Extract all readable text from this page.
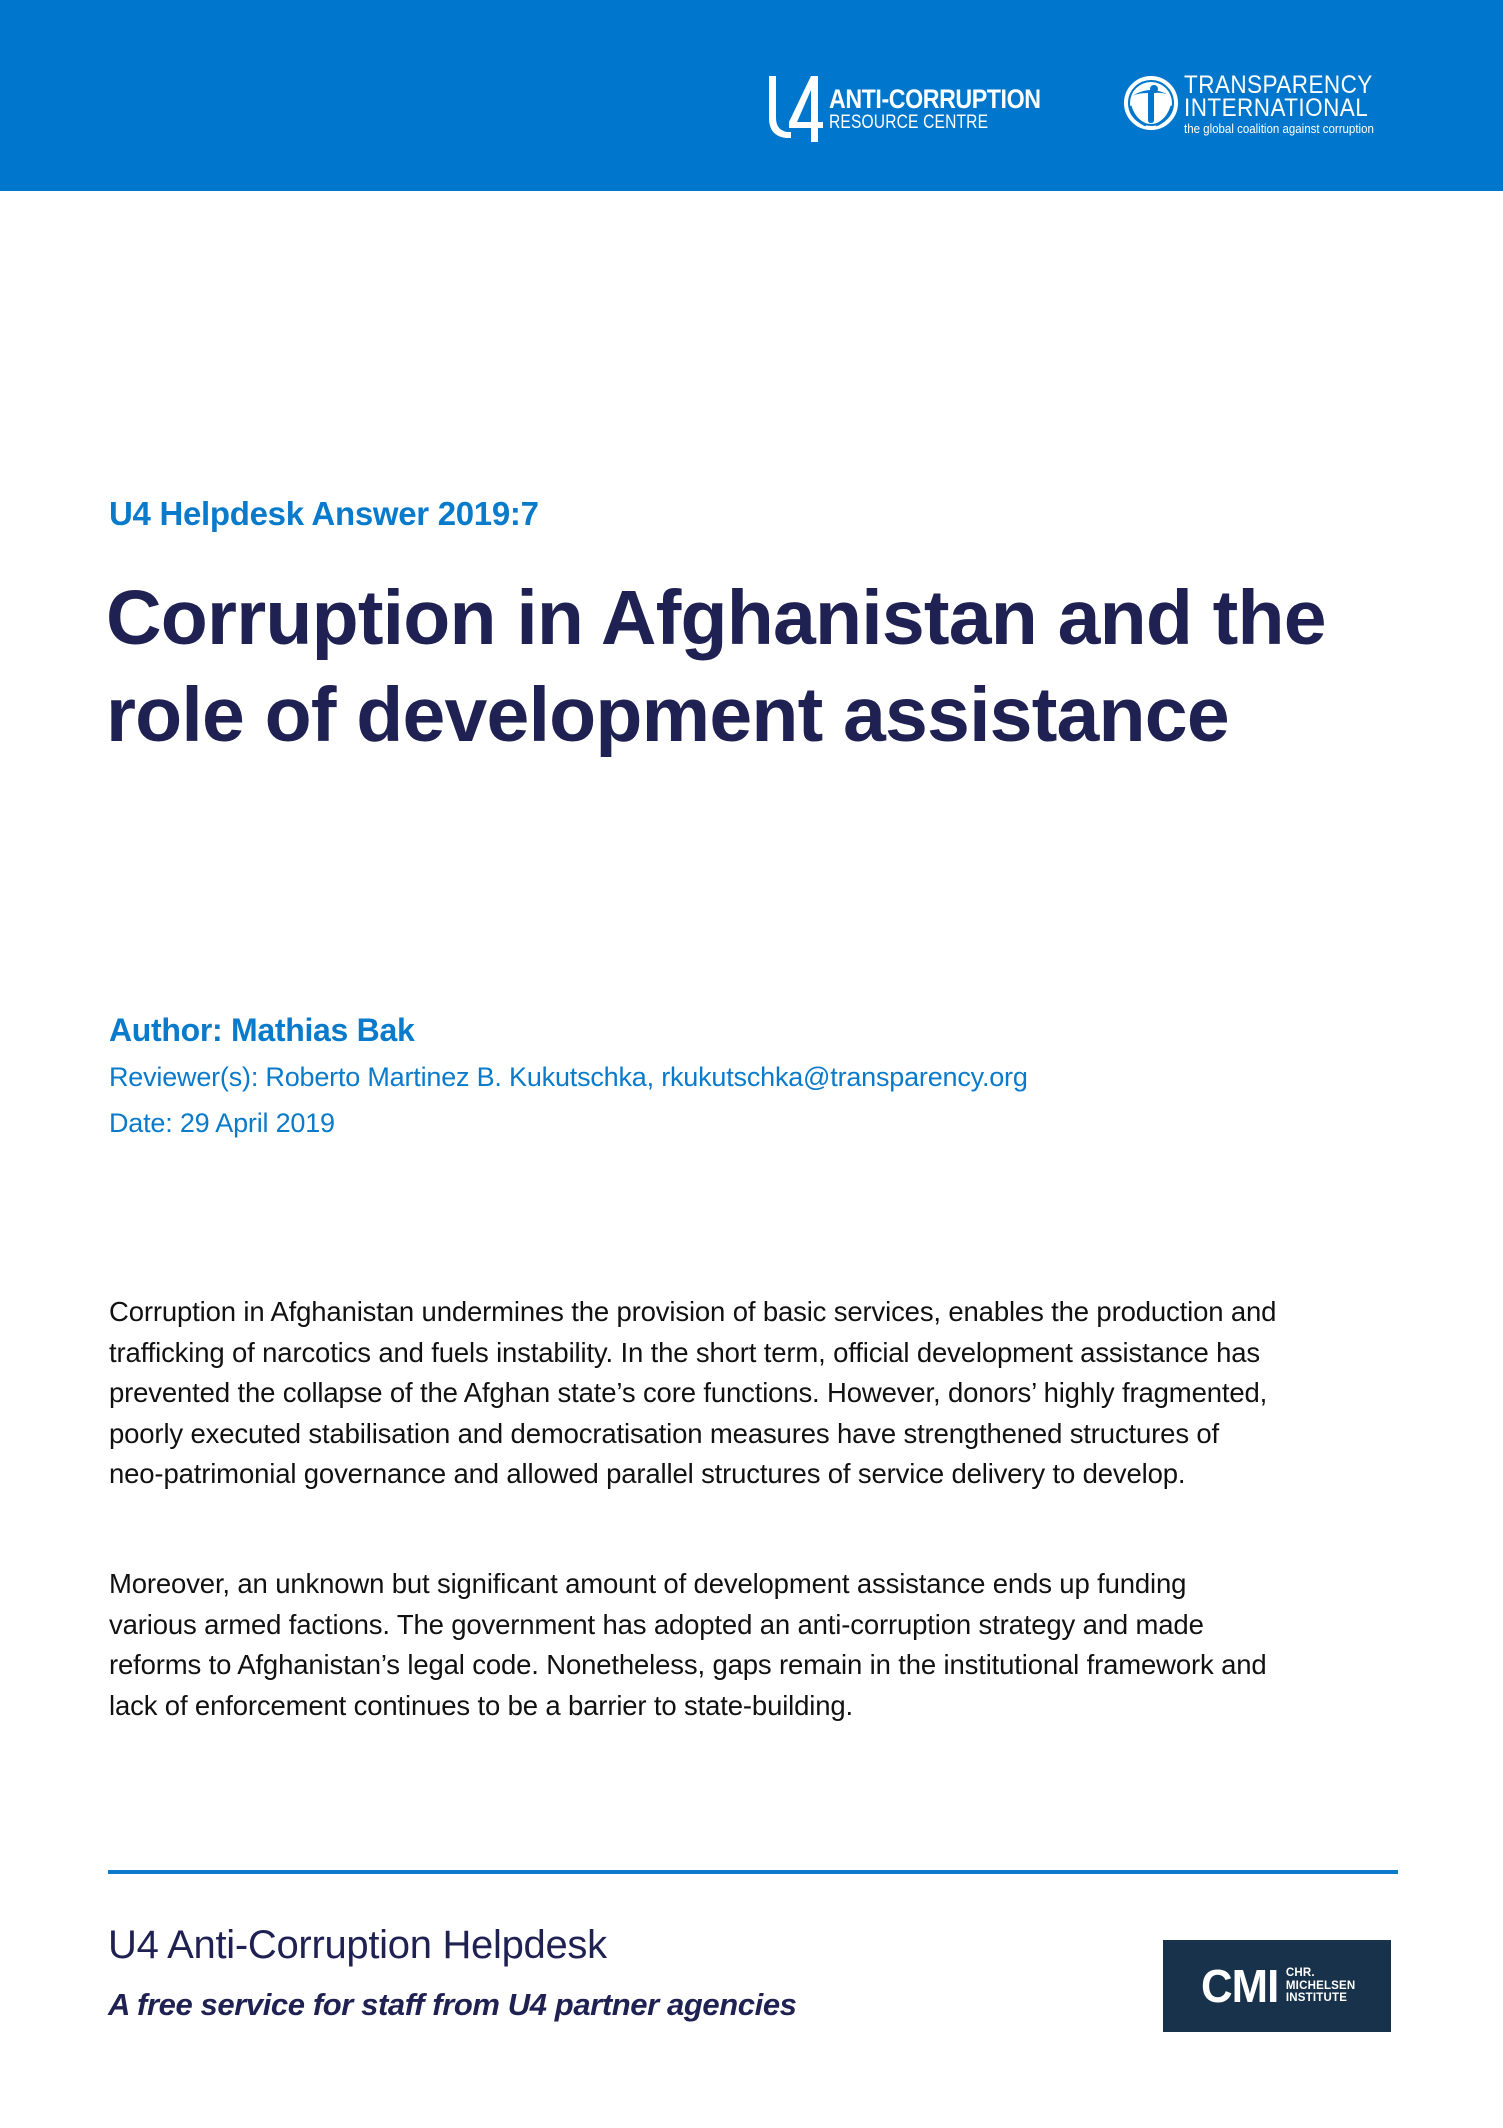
ANTI-CORRUPTION
RESOURCE CENTRE
TRANSPARENCY
INTERNATIONAL
the global coalition against corruption
U4 Helpdesk Answer 2019:7
Corruption in Afghanistan and the
role of development assistance
Author: Mathias Bak
Reviewer(s): Roberto Martinez B. Kukutschka, rkukutschka@transparency.org
Date: 29 April 2019
Corruption in Afghanistan undermines the provision of basic services, enables the production and
trafficking of narcotics and fuels instability. In the short term, official development assistance has
prevented the collapse of the Afghan state’s core functions. However, donors’ highly fragmented,
poorly executed stabilisation and democratisation measures have strengthened structures of
neo-patrimonial governance and allowed parallel structures of service delivery to develop.
Moreover, an unknown but significant amount of development assistance ends up funding
various armed factions. The government has adopted an anti-corruption strategy and made
reforms to Afghanistan’s legal code. Nonetheless, gaps remain in the institutional framework and
lack of enforcement continues to be a barrier to state-building.
U4 Anti-Corruption Helpdesk
A free service for staff from U4 partner agencies	CMI CHR.
MICHELSEN
INSTITUTE
